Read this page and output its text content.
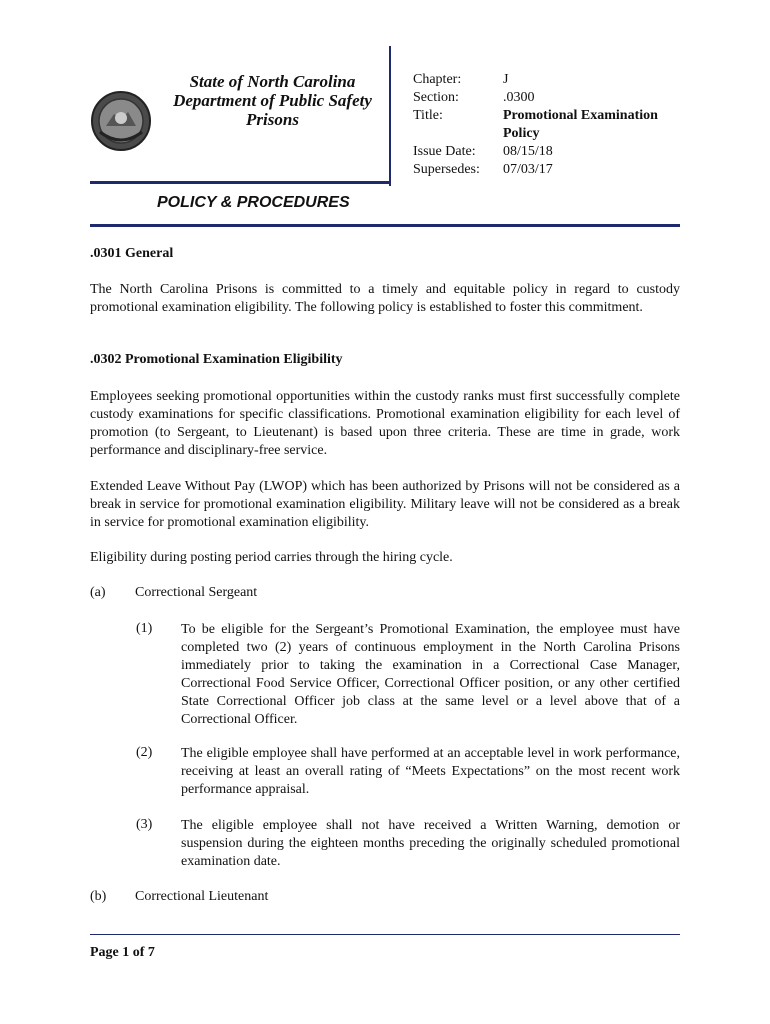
State of North Carolina
Department of Public Safety
Prisons
Chapter:	J
Section:	.0300
Title:	Promotional Examination
Policy
Issue Date: 08/15/18
Supersedes: 07/03/17
POLICY & PROCEDURES
.0301 General
The North Carolina Prisons is committed to a timely and equitable policy in regard to custody promotional examination eligibility. The following policy is established to foster this commitment.
.0302 Promotional Examination Eligibility
Employees seeking promotional opportunities within the custody ranks must first successfully complete custody examinations for specific classifications. Promotional examination eligibility for each level of promotion (to Sergeant, to Lieutenant) is based upon three criteria. These are time in grade, work performance and disciplinary-free service.
Extended Leave Without Pay (LWOP) which has been authorized by Prisons will not be considered as a break in service for promotional examination eligibility. Military leave will not be considered as a break in service for promotional examination eligibility.
Eligibility during posting period carries through the hiring cycle.
(a) Correctional Sergeant
(1) To be eligible for the Sergeant’s Promotional Examination, the employee must have completed two (2) years of continuous employment in the North Carolina Prisons immediately prior to taking the examination in a Correctional Case Manager, Correctional Food Service Officer, Correctional Officer position, or any other certified State Correctional Officer job class at the same level or a level above that of a Correctional Officer.
(2) The eligible employee shall have performed at an acceptable level in work performance, receiving at least an overall rating of “Meets Expectations” on the most recent work performance appraisal.
(3) The eligible employee shall not have received a Written Warning, demotion or suspension during the eighteen months preceding the originally scheduled promotional examination date.
(b) Correctional Lieutenant
Page 1 of 7
